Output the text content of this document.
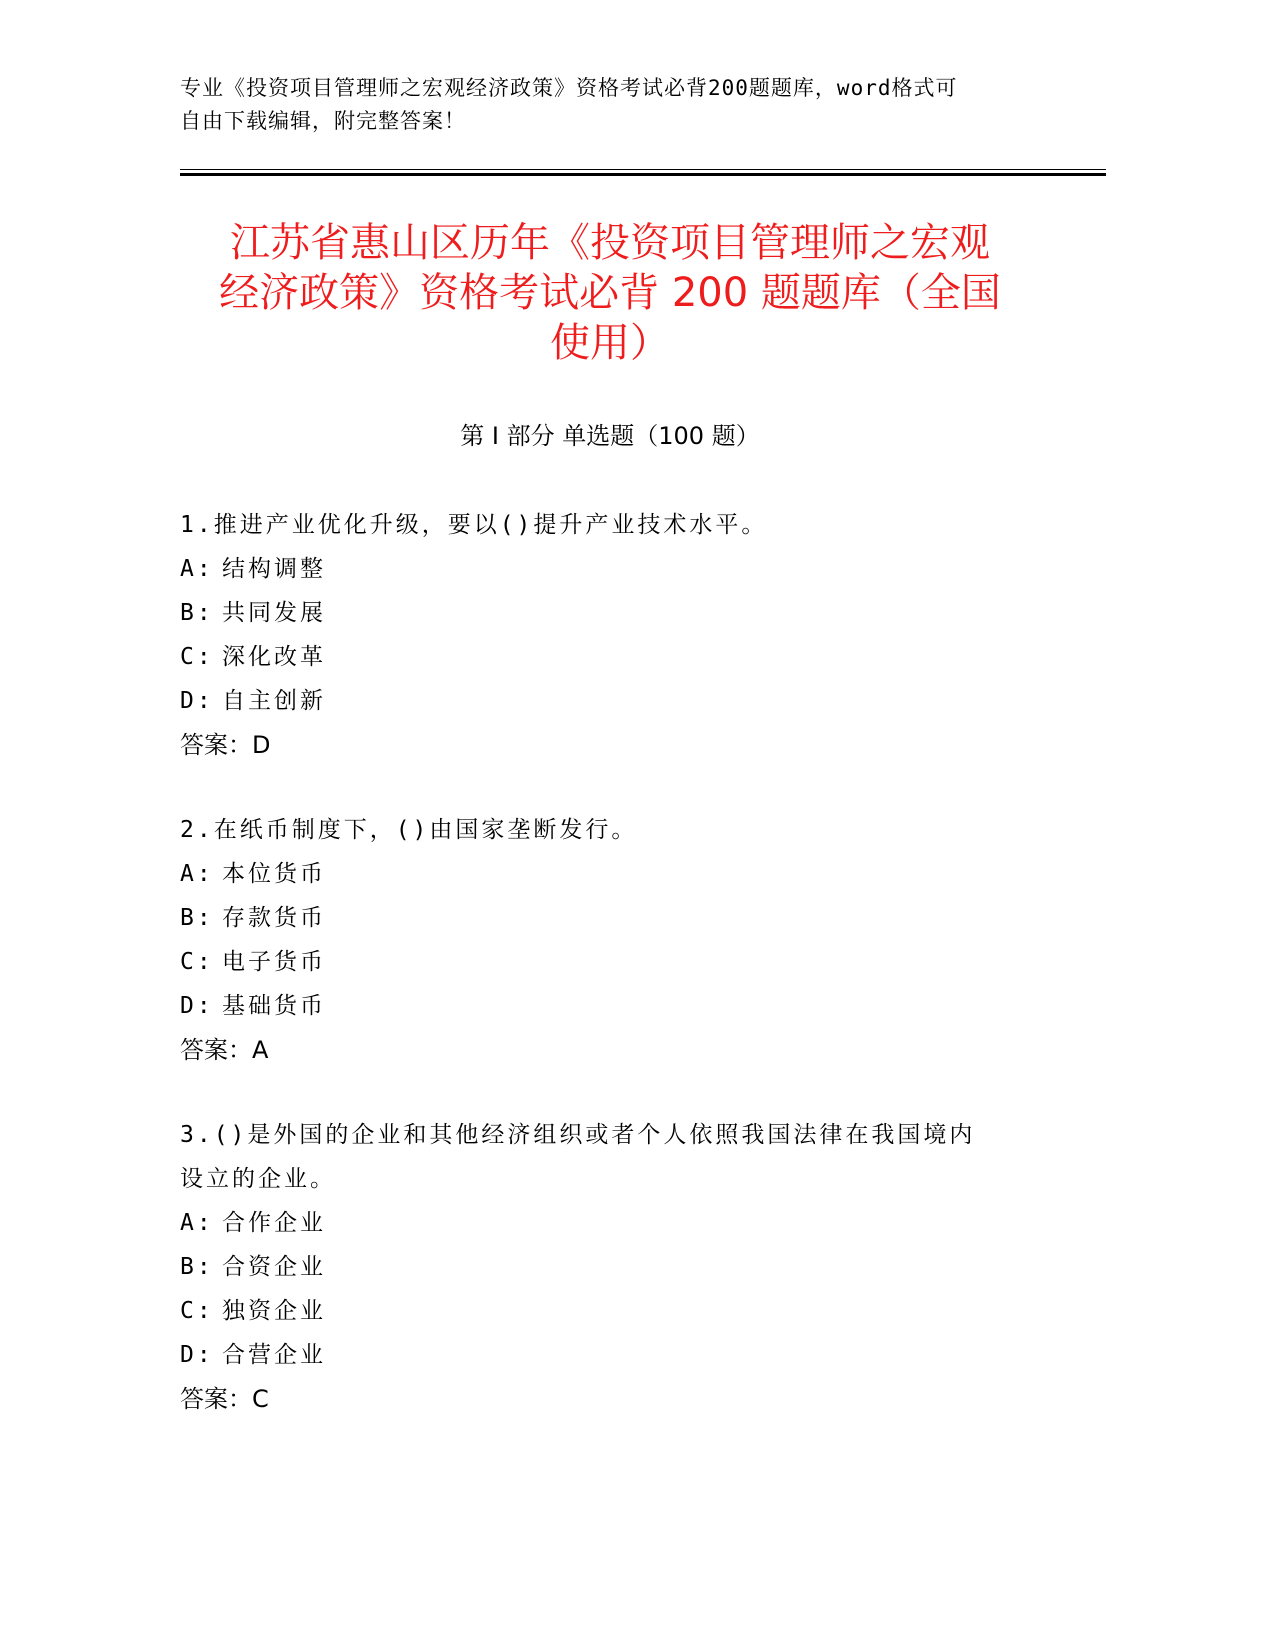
专业《投资项目管理师之宏观经济政策》资格考试必背200题题库，word格式可
自由下载编辑，附完整答案！
江苏省惠山区历年《投资项目管理师之宏观
经济政策》资格考试必背 200 题题库（全国
使用）
第 I 部分 单选题（100 题）

1.推进产业优化升级，要以()提升产业技术水平。

A: 结构调整

B: 共同发展

C: 深化改革

D: 自主创新

答案：D

2.在纸币制度下，()由国家垄断发行。

A: 本位货币

B: 存款货币

C: 电子货币

D: 基础货币

答案：A

3.()是外国的企业和其他经济组织或者个人依照我国法律在我国境内

设立的企业。

A: 合作企业

B: 合资企业

C: 独资企业

D: 合营企业

答案：C
